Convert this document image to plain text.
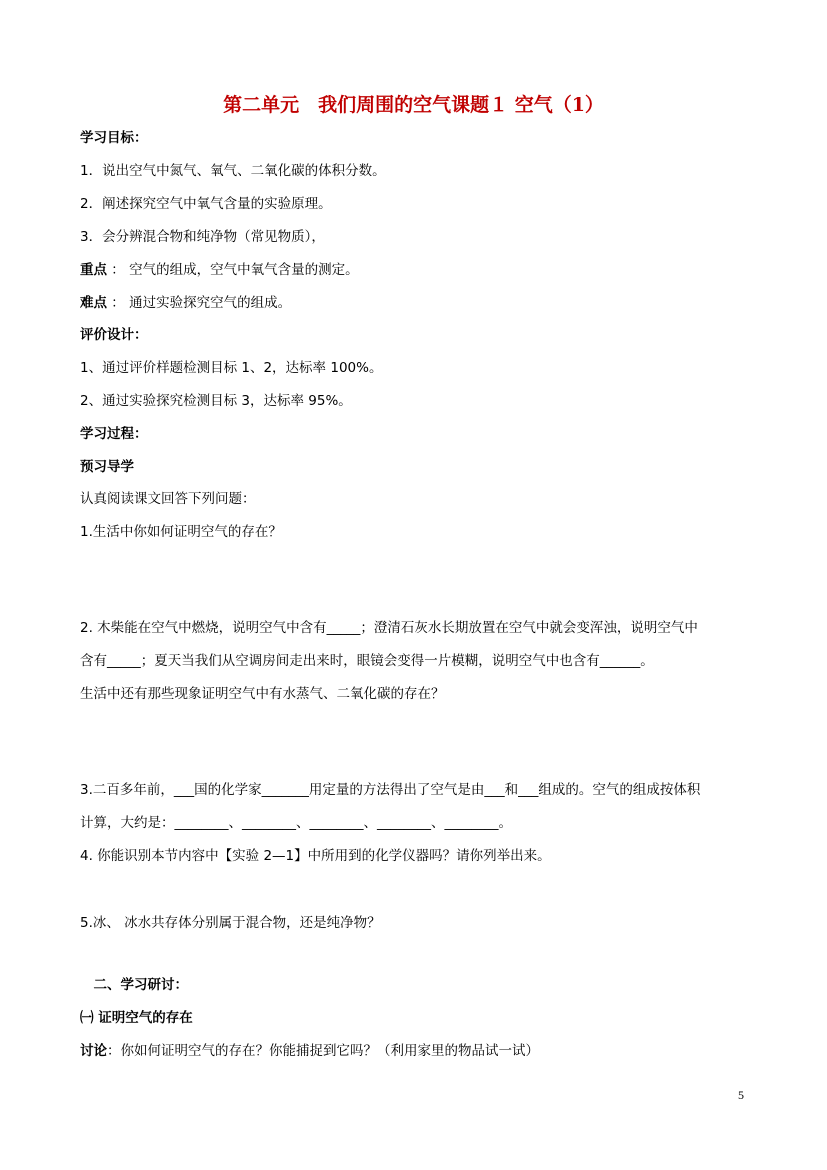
第二单元　我们周围的空气课题１ 空气（1）
学习目标：
1．说出空气中氮气、氧气、二氧化碳的体积分数。
2．阐述探究空气中氧气含量的实验原理。
3．会分辨混合物和纯净物（常见物质），
重点 ： 空气的组成，空气中氧气含量的测定。
难点 ： 通过实验探究空气的组成。
评价设计：
1、通过评价样题检测目标 1、2，达标率 100%。
2、通过实验探究检测目标 3，达标率 95%。
学习过程：
预习导学
认真阅读课文回答下列问题：
1.生活中你如何证明空气的存在？
2. 木柴能在空气中燃烧，说明空气中含有_____；澄清石灰水长期放置在空气中就会变浑浊，说明空气中
含有_____；夏天当我们从空调房间走出来时，眼镜会变得一片模糊，说明空气中也含有______。
生活中还有那些现象证明空气中有水蒸气、二氧化碳的存在？
3.二百多年前，___国的化学家_______用定量的方法得出了空气是由___和___组成的。空气的组成按体积
计算，大约是：________、________、________、________、________。
4. 你能识别本节内容中【实验 2—1】中所用到的化学仪器吗？请你列举出来。
5.冰、 冰水共存体分别属于混合物，还是纯净物？
　二、学习研讨：
㈠ 证明空气的存在
讨论：你如何证明空气的存在？你能捕捉到它吗？（利用家里的物品试一试）
5
